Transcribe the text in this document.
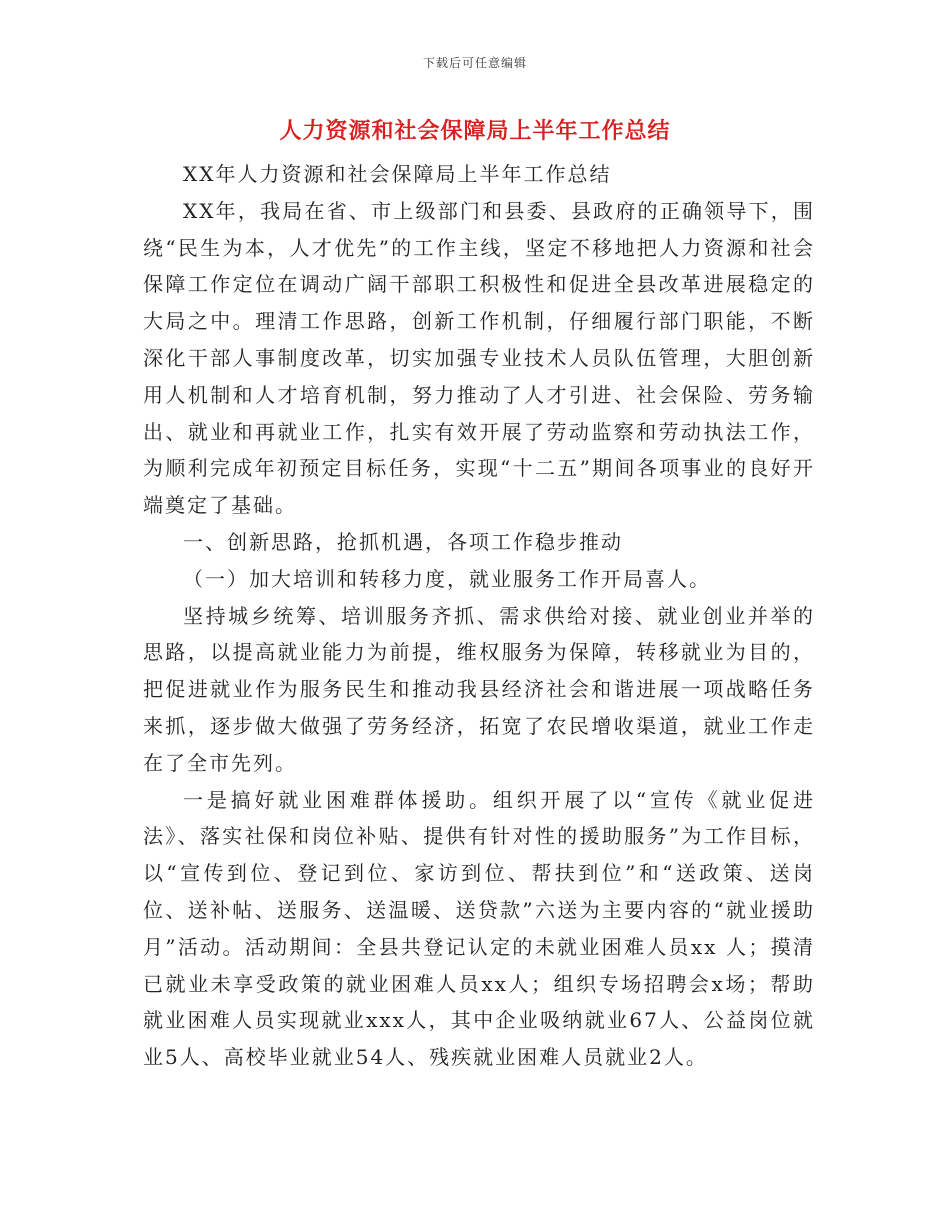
下载后可任意编辑
人力资源和社会保障局上半年工作总结

XX年人力资源和社会保障局上半年工作总结

XX年，我局在省、市上级部门和县委、县政府的正确领导下，围绕“民生为本，人才优先”的工作主线，坚定不移地把人力资源和社会保障工作定位在调动广阔干部职工积极性和促进全县改革进展稳定的大局之中。理清工作思路，创新工作机制，仔细履行部门职能，不断深化干部人事制度改革，切实加强专业技术人员队伍管理，大胆创新用人机制和人才培育机制，努力推动了人才引进、社会保险、劳务输出、就业和再就业工作，扎实有效开展了劳动监察和劳动执法工作，为顺利完成年初预定目标任务，实现“十二五”期间各项事业的良好开端奠定了基础。

一、创新思路，抢抓机遇，各项工作稳步推动

（一）加大培训和转移力度，就业服务工作开局喜人。

坚持城乡统筹、培训服务齐抓、需求供给对接、就业创业并举的思路，以提高就业能力为前提，维权服务为保障，转移就业为目的，把促进就业作为服务民生和推动我县经济社会和谐进展一项战略任务来抓，逐步做大做强了劳务经济，拓宽了农民增收渠道，就业工作走在了全市先列。

一是搞好就业困难群体援助。组织开展了以“宣传《就业促进法》、落实社保和岗位补贴、提供有针对性的援助服务”为工作目标，以“宣传到位、登记到位、家访到位、帮扶到位”和“送政策、送岗位、送补帖、送服务、送温暖、送贷款”六送为主要内容的“就业援助月”活动。活动期间：全县共登记认定的未就业困难人员xx 人；摸清已就业未享受政策的就业困难人员xx人；组织专场招聘会x场；帮助就业困难人员实现就业xxx人，其中企业吸纳就业67人、公益岗位就业5人、高校毕业就业54人、残疾就业困难人员就业2人。
